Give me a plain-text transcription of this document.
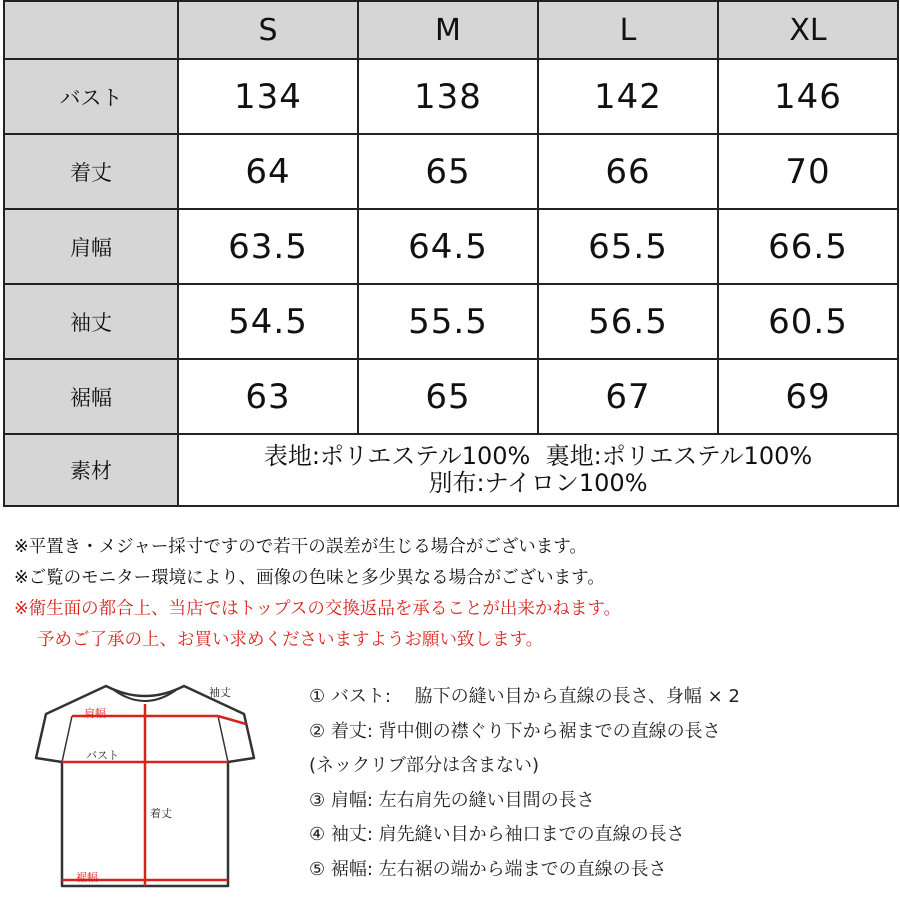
	S	M	L	XL
バスト	134	138	142	146
着丈	64	65	66	70
肩幅	63.5	64.5	65.5	66.5
袖丈	54.5	55.5	56.5	60.5
裾幅	63	65	67	69
素材	表地:ポリエステル100%  裏地:ポリエステル100%
別布:ナイロン100%			
※平置き・メジャー採寸ですので若干の誤差が生じる場合がございます。
※ご覧のモニター環境により、画像の色味と多少異なる場合がございます。
※衛生面の都合上、当店ではトップスの交換返品を承ることが出来かねます。
予めご了承の上、お買い求めくださいますようお願い致します。
袖丈
肩幅
バスト
着丈
裾幅
① バスト:　 脇下の縫い目から直線の長さ、身幅 × 2
② 着丈: 背中側の襟ぐり下から裾までの直線の長さ
(ネックリブ部分は含まない)
③ 肩幅: 左右肩先の縫い目間の長さ
④ 袖丈: 肩先縫い目から袖口までの直線の長さ
⑤ 裾幅: 左右裾の端から端までの直線の長さ
